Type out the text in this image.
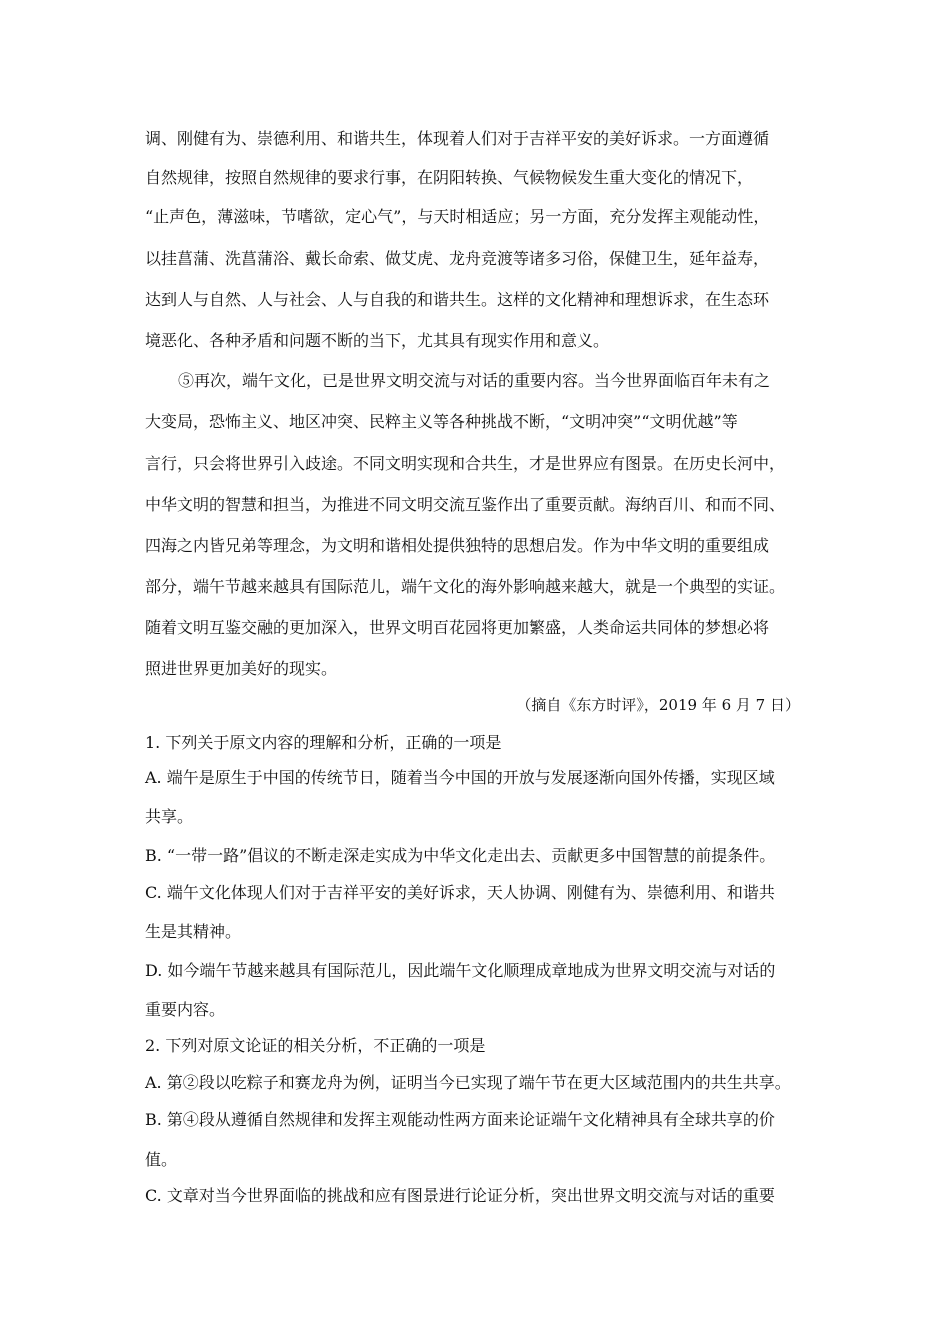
调、刚健有为、崇德利用、和谐共生，体现着人们对于吉祥平安的美好诉求。一方面遵循
自然规律，按照自然规律的要求行事，在阴阳转换、气候物候发生重大变化的情况下，
“止声色，薄滋味，节嗜欲，定心气”，与天时相适应；另一方面，充分发挥主观能动性，
以挂菖蒲、洗菖蒲浴、戴长命索、做艾虎、龙舟竞渡等诸多习俗，保健卫生，延年益寿，
达到人与自然、人与社会、人与自我的和谐共生。这样的文化精神和理想诉求，在生态环
境恶化、各种矛盾和问题不断的当下，尤其具有现实作用和意义。
⑤再次，端午文化，已是世界文明交流与对话的重要内容。当今世界面临百年未有之
大变局，恐怖主义、地区冲突、民粹主义等各种挑战不断，“文明冲突”“文明优越”等
言行，只会将世界引入歧途。不同文明实现和合共生，才是世界应有图景。在历史长河中，
中华文明的智慧和担当，为推进不同文明交流互鉴作出了重要贡献。海纳百川、和而不同、
四海之内皆兄弟等理念，为文明和谐相处提供独特的思想启发。作为中华文明的重要组成
部分，端午节越来越具有国际范儿，端午文化的海外影响越来越大，就是一个典型的实证。
随着文明互鉴交融的更加深入，世界文明百花园将更加繁盛，人类命运共同体的梦想必将
照进世界更加美好的现实。
（摘自《东方时评》，2019 年 6 月 7 日）
1. 下列关于原文内容的理解和分析，正确的一项是
A. 端午是原生于中国的传统节日，随着当今中国的开放与发展逐渐向国外传播，实现区域
共享。
B. “一带一路”倡议的不断走深走实成为中华文化走出去、贡献更多中国智慧的前提条件。
C. 端午文化体现人们对于吉祥平安的美好诉求，天人协调、刚健有为、崇德利用、和谐共
生是其精神。
D. 如今端午节越来越具有国际范儿，因此端午文化顺理成章地成为世界文明交流与对话的
重要内容。
2. 下列对原文论证的相关分析，不正确的一项是
A. 第②段以吃粽子和赛龙舟为例，证明当今已实现了端午节在更大区域范围内的共生共享。
B. 第④段从遵循自然规律和发挥主观能动性两方面来论证端午文化精神具有全球共享的价
值。
C. 文章对当今世界面临的挑战和应有图景进行论证分析，突出世界文明交流与对话的重要
